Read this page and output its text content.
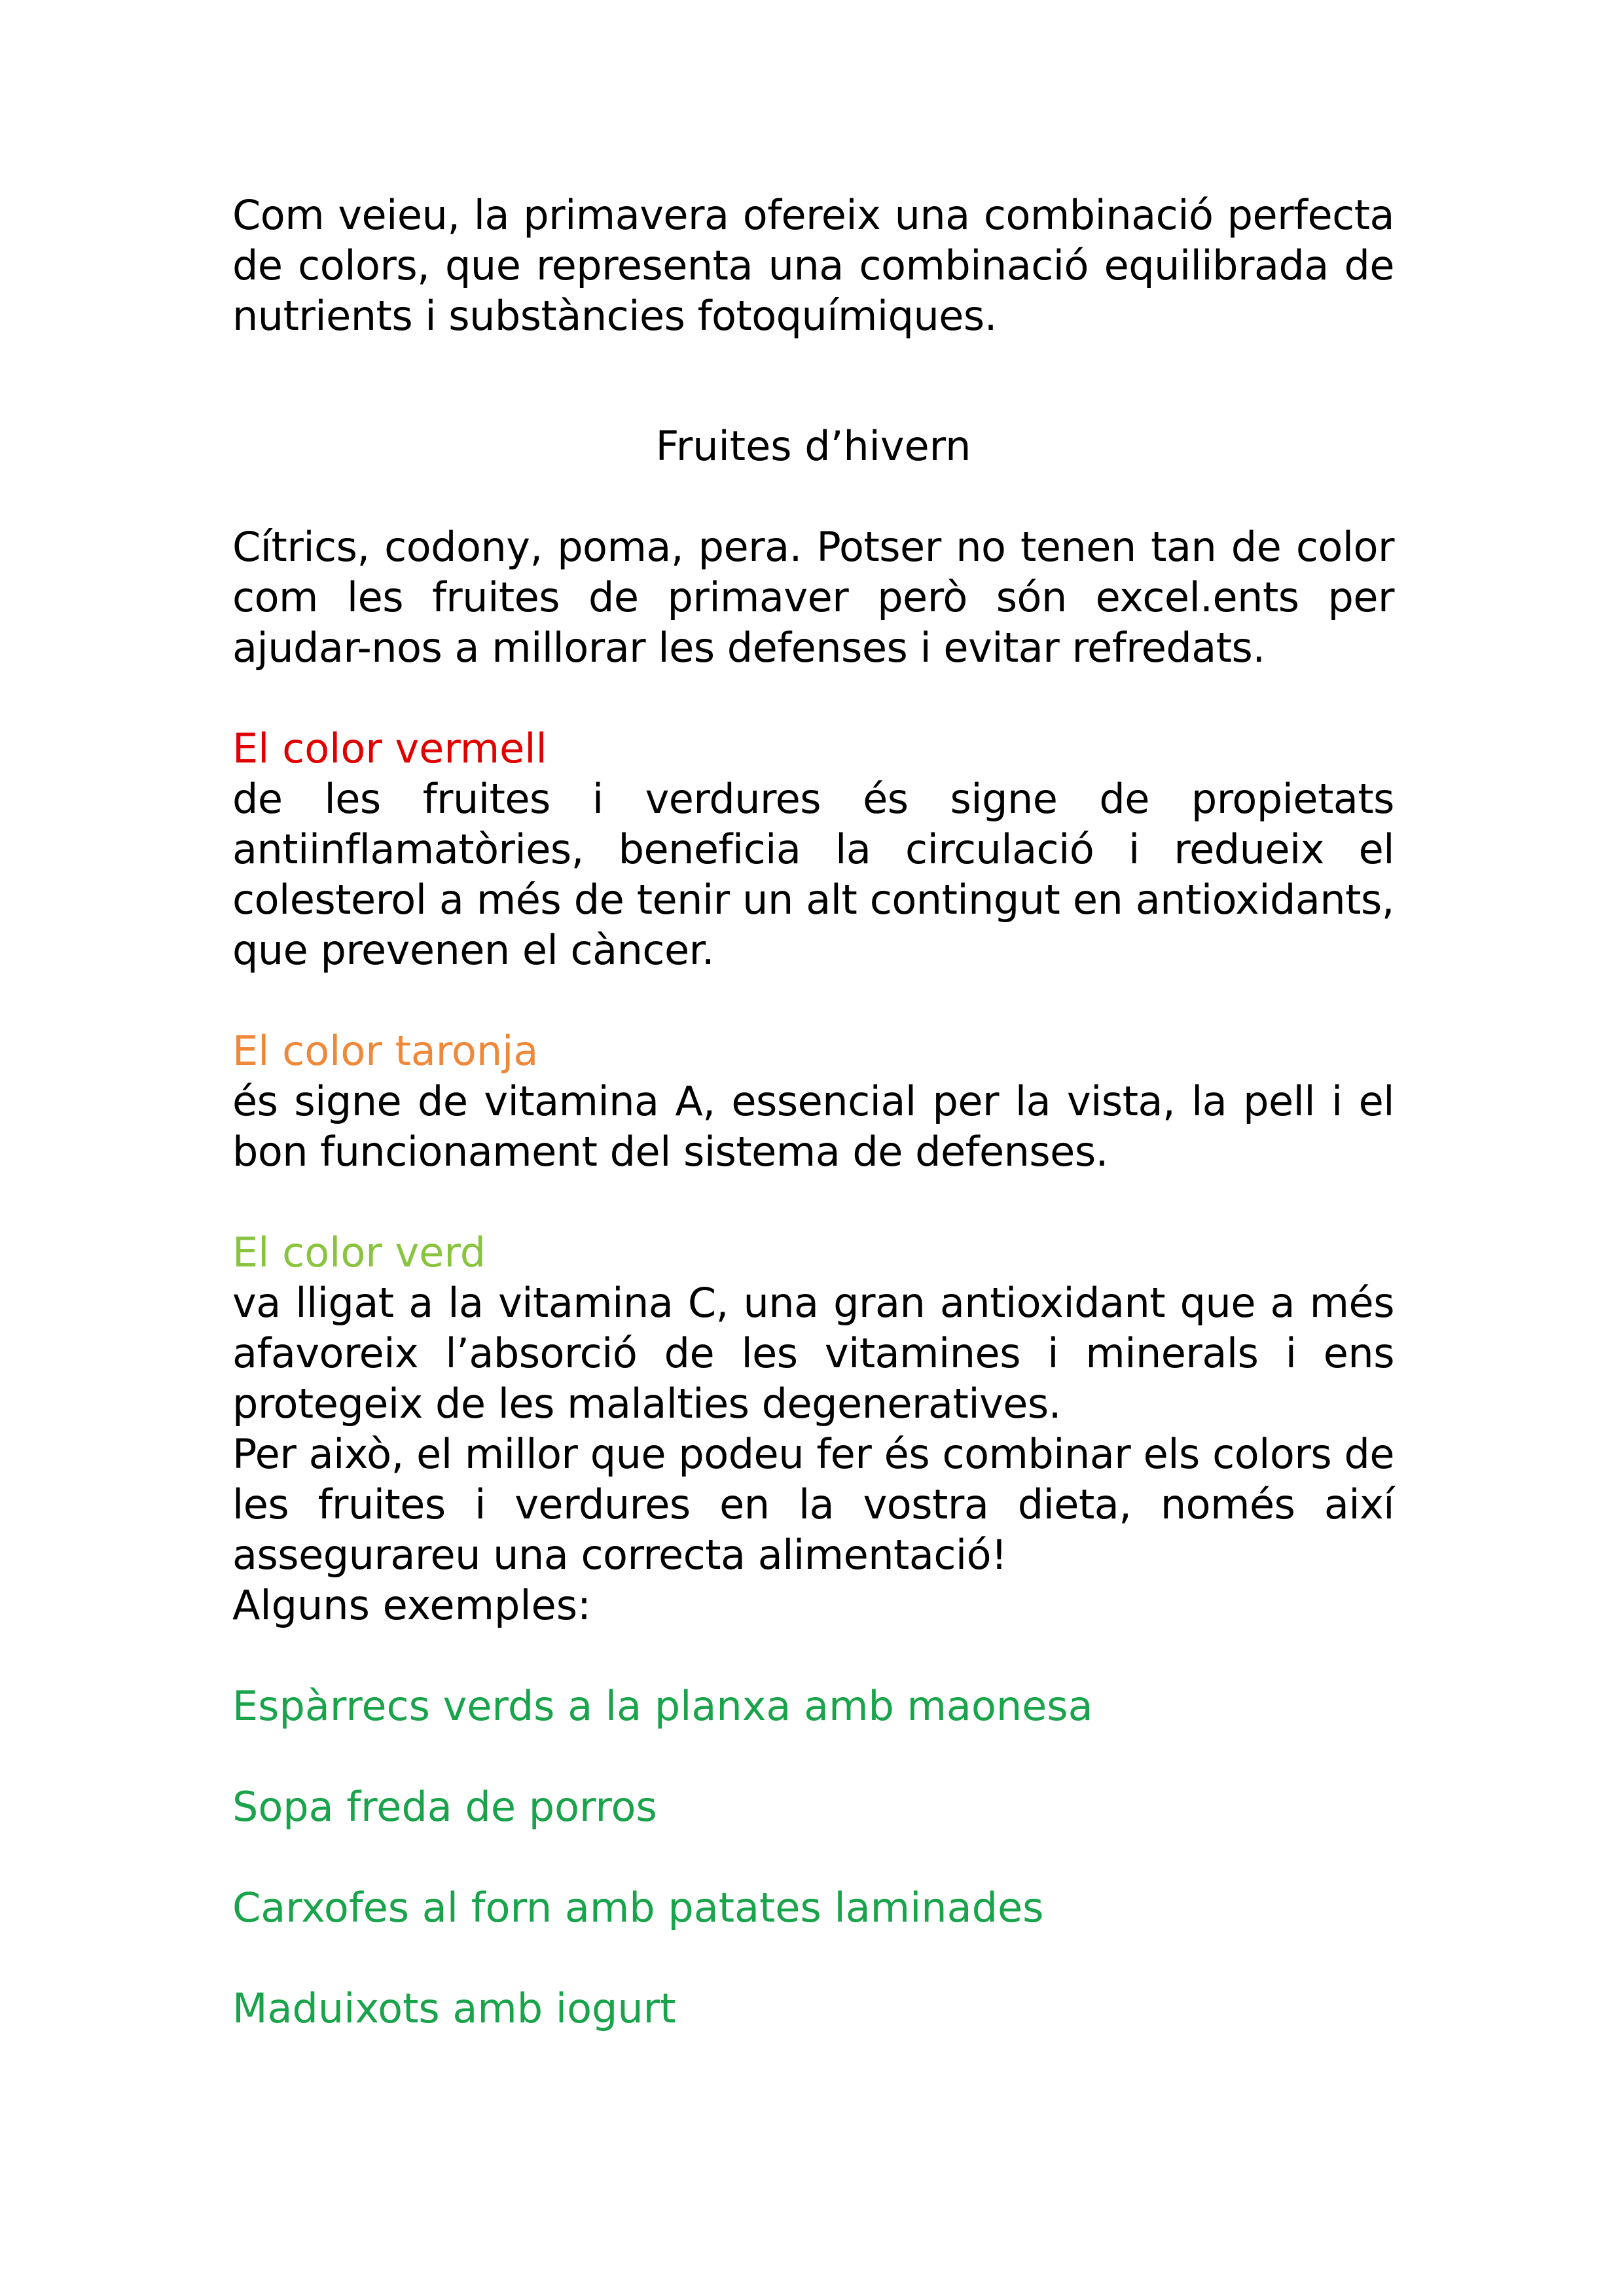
Com veieu, la primavera ofereix una combinació perfecta de colors, que representa una combinació equilibrada de nutrients i substàncies fotoquímiques.

Fruites d’hivern

Cítrics, codony, poma, pera. Potser no tenen tan de color com les fruites de primaver però són excel.ents per ajudar-nos a millorar les defenses i evitar refredats.

El color vermell

de les fruites i verdures és signe de propietats antiinflamatòries, beneficia la circulació i redueix el colesterol a més de tenir un alt contingut en antioxidants, que prevenen el càncer.

El color taronja

és signe de vitamina A, essencial per la vista, la pell i el bon funcionament del sistema de defenses.

El color verd

va lligat a la vitamina C, una gran antioxidant que a més afavoreix l’absorció de les vitamines i minerals i ens protegeix de les malalties degeneratives.

Per això, el millor que podeu fer és combinar els colors de les fruites i verdures en la vostra dieta, només així assegurareu una correcta alimentació!

Alguns exemples:

Espàrrecs verds a la planxa amb maonesa

Sopa freda de porros

Carxofes al forn amb patates laminades

Maduixots amb iogurt
